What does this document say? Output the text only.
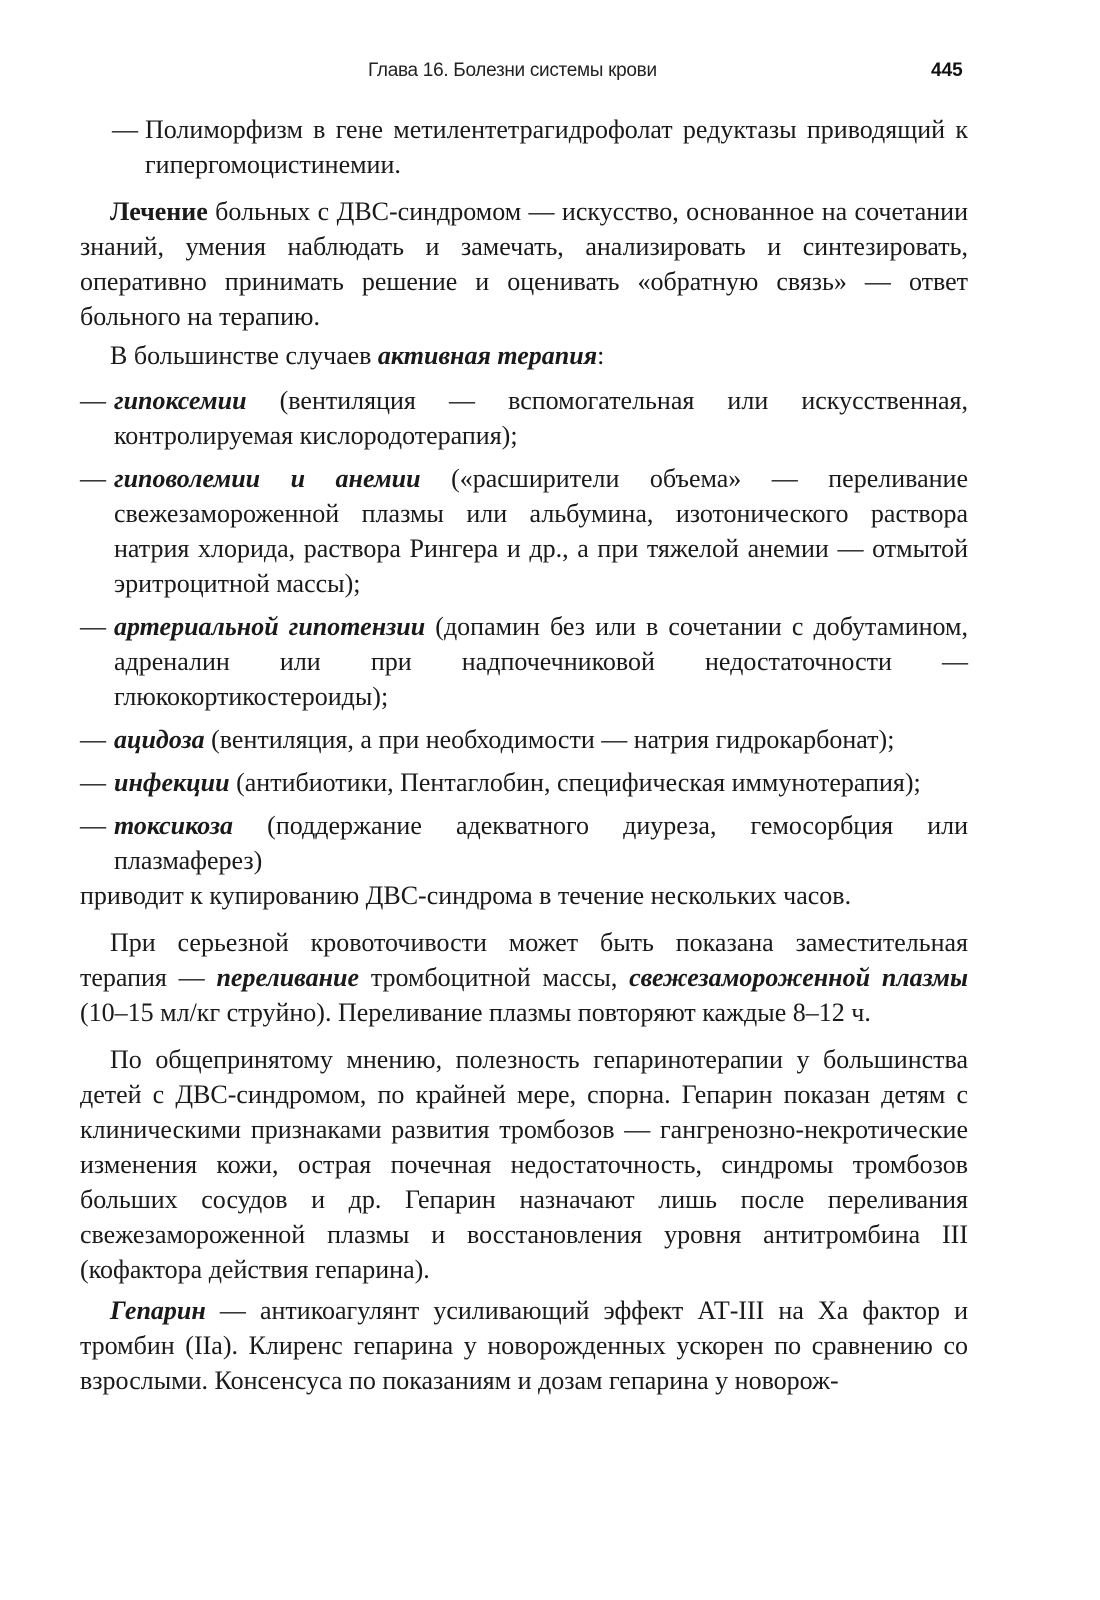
Глава 16. Болезни системы крови	445
— Полиморфизм в гене метилентетрагидрофолат редуктазы приводящий к гипергомоцистинемии.

Лечение больных с ДВС-синдромом — искусство, основанное на сочетании знаний, умения наблюдать и замечать, анализировать и синтезировать, оперативно принимать решение и оценивать «обратную связь» — ответ больного на терапию.

В большинстве случаев активная терапия:

— гипоксемии (вентиляция — вспомогательная или искусственная, контролируемая кислородотерапия);
— гиповолемии и анемии («расширители объема» — переливание свежезамороженной плазмы или альбумина, изотонического раствора натрия хлорида, раствора Рингера и др., а при тяжелой анемии — отмытой эритроцитной массы);
— артериальной гипотензии (допамин без или в сочетании с добутамином, адреналин или при надпочечниковой недостаточности — глюкокортикостероиды);
— ацидоза (вентиляция, а при необходимости — натрия гидрокарбонат);
— инфекции (антибиотики, Пентаглобин, специфическая иммунотерапия);
— токсикоза (поддержание адекватного диуреза, гемосорбция или плазмаферез)

приводит к купированию ДВС-синдрома в течение нескольких часов.

При серьезной кровоточивости может быть показана заместительная терапия — переливание тромбоцитной массы, свежезамороженной плазмы (10–15 мл/кг струйно). Переливание плазмы повторяют каждые 8–12 ч.

По общепринятому мнению, полезность гепаринотерапии у большинства детей с ДВС-синдромом, по крайней мере, спорна. Гепарин показан детям с клиническими признаками развития тромбозов — гангренозно-некротические изменения кожи, острая почечная недостаточность, синдромы тромбозов больших сосудов и др. Гепарин назначают лишь после переливания свежезамороженной плазмы и восстановления уровня антитромбина III (кофактора действия гепарина).

Гепарин — антикоагулянт усиливающий эффект АТ-III на Ха фактор и тромбин (IIа). Клиренс гепарина у новорожденных ускорен по сравнению со взрослыми. Консенсуса по показаниям и дозам гепарина у новорож-
